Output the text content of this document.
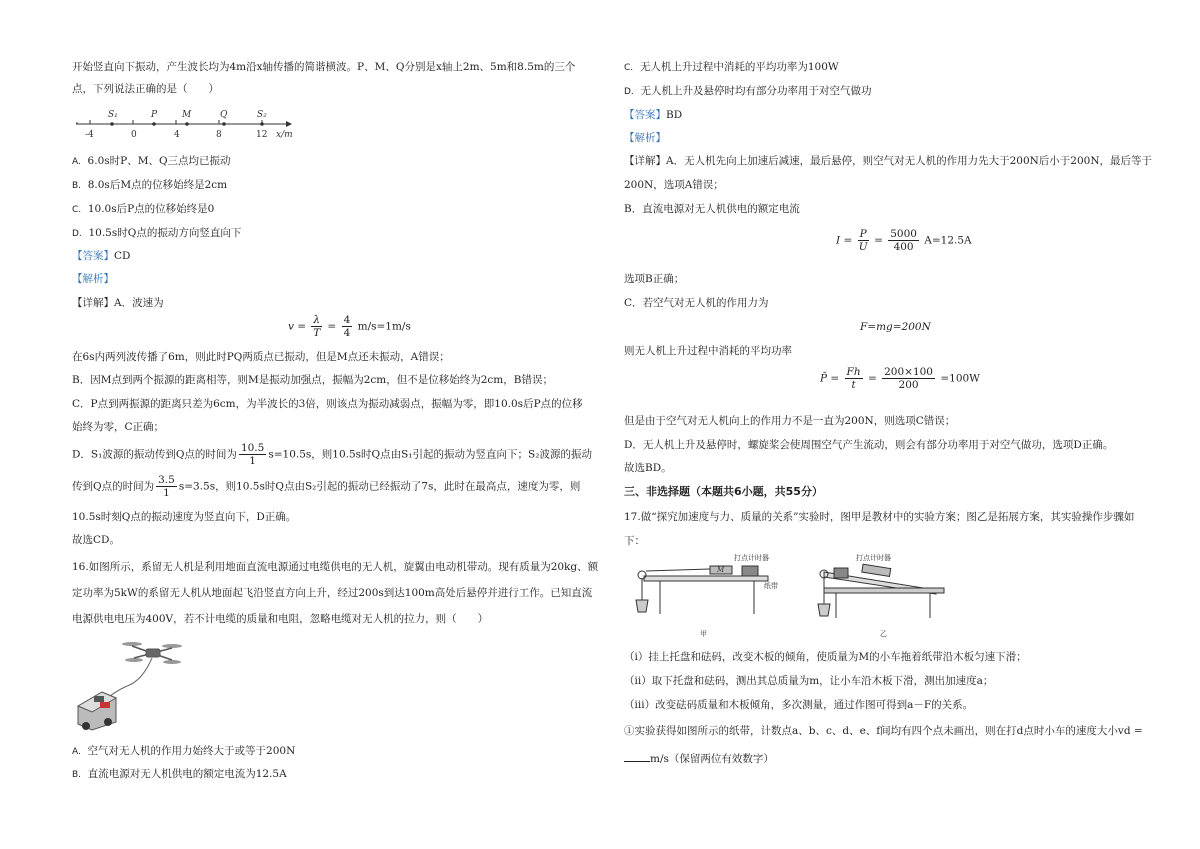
开始竖直向下振动，产生波长均为4m沿x轴传播的简谐横波。P、M、Q分别是x轴上2m、5m和8.5m的三个
点，下列说法正确的是（　　）
S₁	P	M	Q	S₂
-4	0	4	8	12 x/m
A. 6.0s时P、M、Q三点均已振动
B. 8.0s后M点的位移始终是2cm
C. 10.0s后P点的位移始终是0
D. 10.5s时Q点的振动方向竖直向下
【答案】CD
【解析】
【详解】A．波速为
$v = \frac{\lambda}{T} = \frac{4}{4} m/s=1m/s$
在6s内两列波传播了6m，则此时PQ两质点已振动，但是M点还未振动，A错误；
B．因M点到两个振源的距离相等，则M是振动加强点，振幅为2cm，但不是位移始终为2cm，B错误；
C．P点到两振源的距离只差为6cm，为半波长的3倍，则该点为振动减弱点，振幅为零，即10.0s后P点的位移
始终为零，C正确；
D．S₁波源的振动传到Q点的时间为 $\frac{10.5}{1} s=10.5s$，则10.5s时Q点由S₁引起的振动为竖直向下；S₂波源的振动
传到Q点的时间为 $\frac{3.5}{1} s=3.5s$，则10.5s时Q点由S₂引起的振动已经振动了7s，此时在最高点，速度为零，则
10.5s时刻Q点的振动速度为竖直向下，D正确。
故选CD。
16.如图所示，系留无人机是利用地面直流电源通过电缆供电的无人机，旋翼由电动机带动。现有质量为20kg、额
定功率为5kW的系留无人机从地面起飞沿竖直方向上升，经过200s到达100m高处后悬停并进行工作。已知直流
电源供电电压为400V，若不计电缆的质量和电阻，忽略电缆对无人机的拉力，则（　　）
A. 空气对无人机的作用力始终大于或等于200N
B. 直流电源对无人机供电的额定电流为12.5A
C. 无人机上升过程中消耗的平均功率为100W
D. 无人机上升及悬停时均有部分功率用于对空气做功
【答案】BD
【解析】
【详解】A．无人机先向上加速后减速，最后悬停，则空气对无人机的作用力先大于200N后小于200N，最后等于
200N，选项A错误；
B．直流电源对无人机供电的额定电流
$I = \frac{P}{U} = \frac{5000}{400} A=12.5A$
选项B正确；
C．若空气对无人机的作用力为
F=mg=200N
则无人机上升过程中消耗的平均功率
P̄ = $\frac{Fh}{t} = \frac{200\times 100}{200} =100W$
但是由于空气对无人机向上的作用力不是一直为200N，则选项C错误；
D．无人机上升及悬停时，螺旋桨会使周围空气产生流动，则会有部分功率用于对空气做功，选项D正确。
故选BD。
三、非选择题（本题共6小题，共55分）
17.做“探究加速度与力、质量的关系”实验时，图甲是教材中的实验方案；图乙是拓展方案，其实验操作步骤如
下：
打点计时器
M
纸带
打点计时器
甲	乙
（ⅰ）挂上托盘和砝码，改变木板的倾角，使质量为M的小车拖着纸带沿木板匀速下滑；
（ⅱ）取下托盘和砝码，测出其总质量为m，让小车沿木板下滑，测出加速度a；
（ⅲ）改变砝码质量和木板倾角，多次测量，通过作图可得到a－F的关系。
①实验获得如图所示的纸带，计数点a、b、c、d、e、f间均有四个点未画出，则在打d点时小车的速度大小vd =
m/s（保留两位有效数字）
